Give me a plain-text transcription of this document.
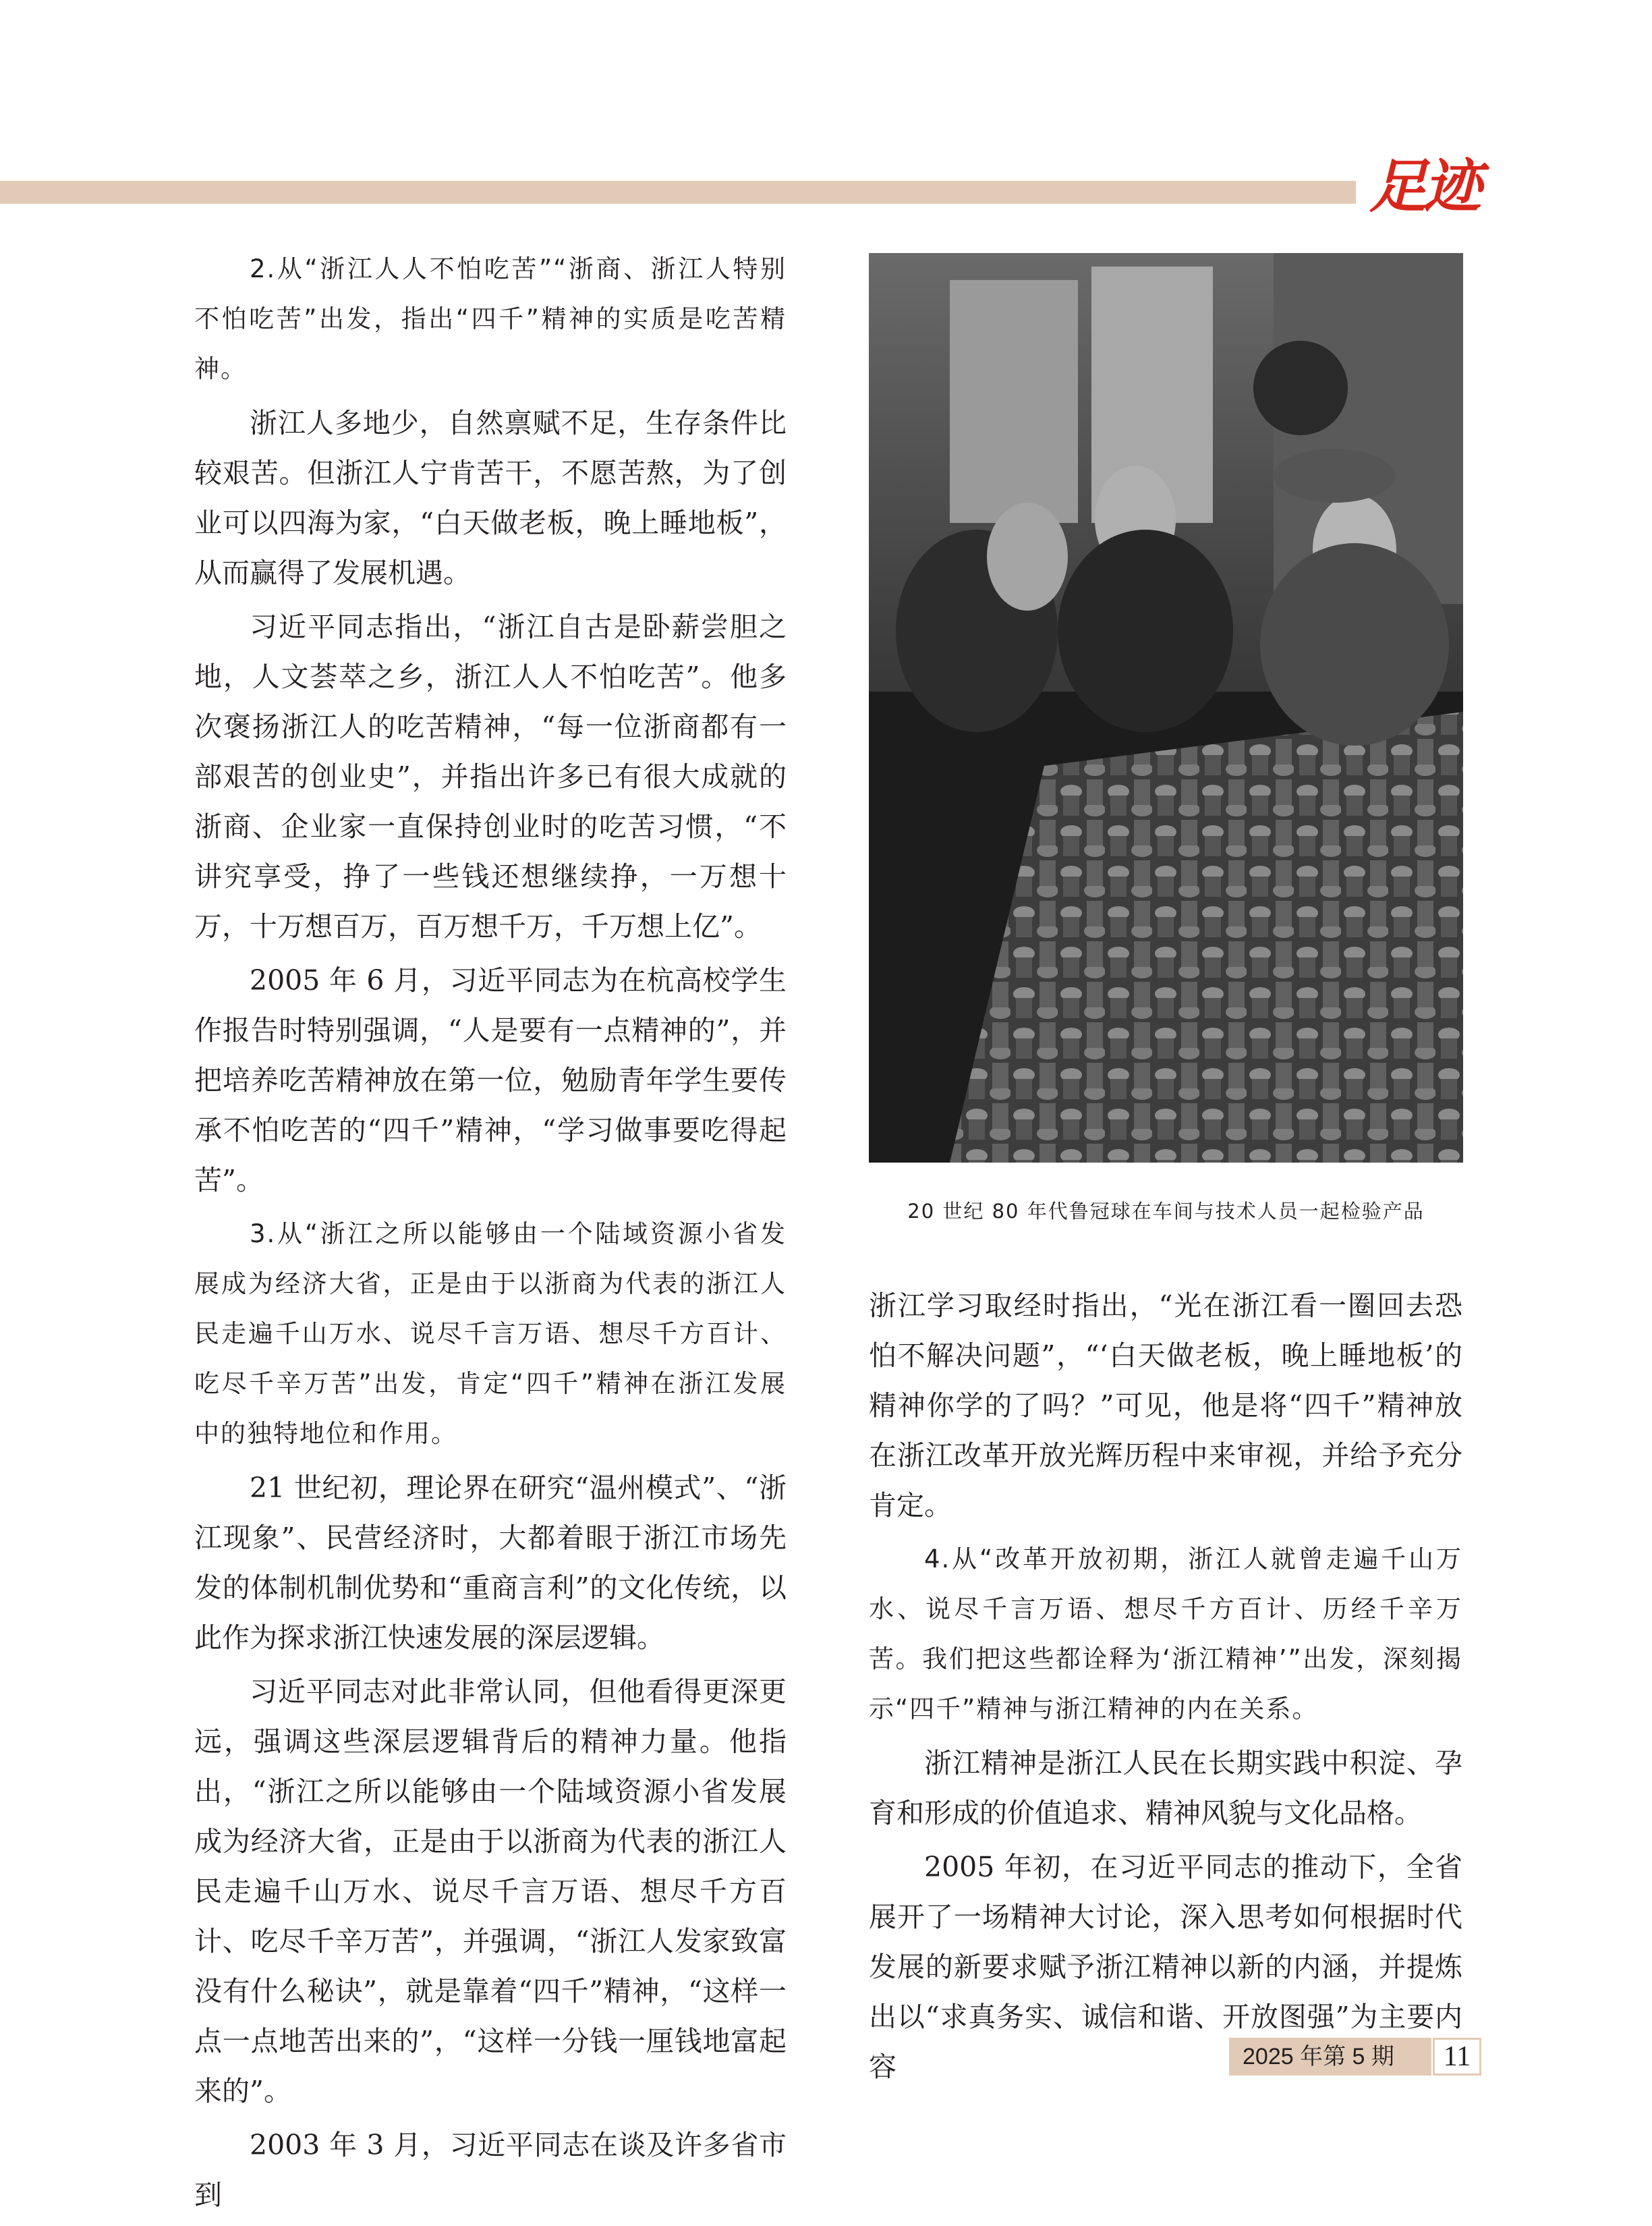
足迹

2.从“浙江人人不怕吃苦”“浙商、浙江人特别不怕吃苦”出发，指出“四千”精神的实质是吃苦精神。

浙江人多地少，自然禀赋不足，生存条件比较艰苦。但浙江人宁肯苦干，不愿苦熬，为了创业可以四海为家，“白天做老板，晚上睡地板”，从而赢得了发展机遇。

习近平同志指出，“浙江自古是卧薪尝胆之地，人文荟萃之乡，浙江人人不怕吃苦”。他多次褒扬浙江人的吃苦精神，“每一位浙商都有一部艰苦的创业史”，并指出许多已有很大成就的浙商、企业家一直保持创业时的吃苦习惯，“不讲究享受，挣了一些钱还想继续挣，一万想十万，十万想百万，百万想千万，千万想上亿”。

2005 年 6 月，习近平同志为在杭高校学生作报告时特别强调，“人是要有一点精神的”，并把培养吃苦精神放在第一位，勉励青年学生要传承不怕吃苦的“四千”精神，“学习做事要吃得起苦”。

3.从“浙江之所以能够由一个陆域资源小省发展成为经济大省，正是由于以浙商为代表的浙江人民走遍千山万水、说尽千言万语、想尽千方百计、吃尽千辛万苦”出发，肯定“四千”精神在浙江发展中的独特地位和作用。

21 世纪初，理论界在研究“温州模式”、“浙江现象”、民营经济时，大都着眼于浙江市场先发的体制机制优势和“重商言利”的文化传统，以此作为探求浙江快速发展的深层逻辑。

习近平同志对此非常认同，但他看得更深更远，强调这些深层逻辑背后的精神力量。他指出，“浙江之所以能够由一个陆域资源小省发展成为经济大省，正是由于以浙商为代表的浙江人民走遍千山万水、说尽千言万语、想尽千方百计、吃尽千辛万苦”，并强调，“浙江人发家致富没有什么秘诀”，就是靠着“四千”精神，“这样一点一点地苦出来的”，“这样一分钱一厘钱地富起来的”。

2003 年 3 月，习近平同志在谈及许多省市到

20 世纪 80 年代鲁冠球在车间与技术人员一起检验产品

浙江学习取经时指出，“光在浙江看一圈回去恐怕不解决问题”，“‘白天做老板，晚上睡地板’的精神你学的了吗？”可见，他是将“四千”精神放在浙江改革开放光辉历程中来审视，并给予充分肯定。

4.从“改革开放初期，浙江人就曾走遍千山万水、说尽千言万语、想尽千方百计、历经千辛万苦。我们把这些都诠释为‘浙江精神’”出发，深刻揭示“四千”精神与浙江精神的内在关系。

浙江精神是浙江人民在长期实践中积淀、孕育和形成的价值追求、精神风貌与文化品格。

2005 年初，在习近平同志的推动下，全省展开了一场精神大讨论，深入思考如何根据时代发展的新要求赋予浙江精神以新的内涵，并提炼出以“求真务实、诚信和谐、开放图强”为主要内容	2025 年第 5 期	11
